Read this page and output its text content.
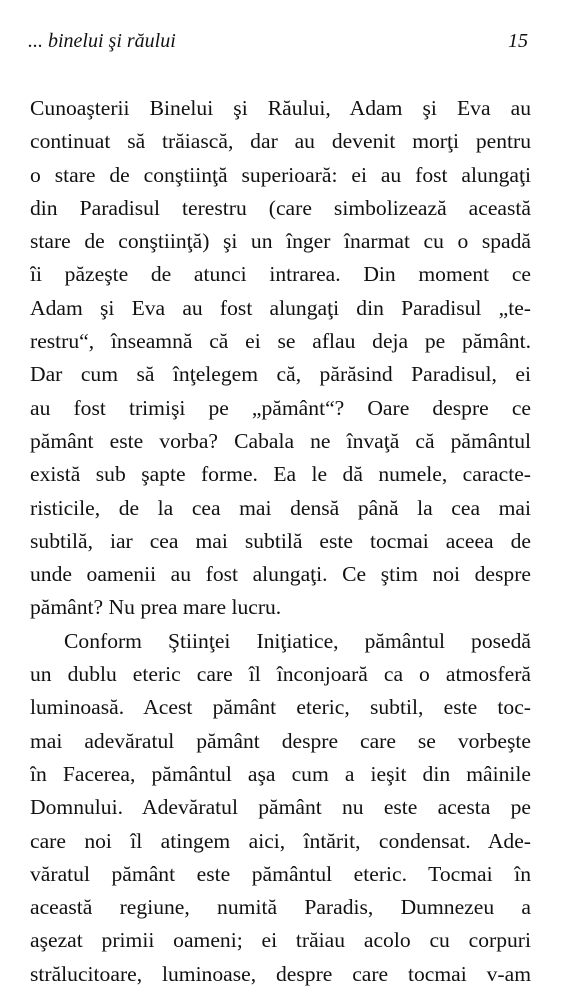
... binelui şi răului	15

Cunoaşterii Binelui şi Răului, Adam şi Eva au
continuat să trăiască, dar au devenit morţi pentru
o stare de conştiinţă superioară: ei au fost alungaţi
din Paradisul terestru (care simbolizează această
stare de conştiinţă) şi un înger înarmat cu o spadă
îi păzeşte de atunci intrarea. Din moment ce
Adam şi Eva au fost alungaţi din Paradisul „te-
restru“, înseamnă că ei se aflau deja pe pământ.
Dar cum să înţelegem că, părăsind Paradisul, ei
au fost trimişi pe „pământ“? Oare despre ce
pământ este vorba? Cabala ne învaţă că pământul
există sub şapte forme. Ea le dă numele, caracte-
risticile, de la cea mai densă până la cea mai
subtilă, iar cea mai subtilă este tocmai aceea de
unde oamenii au fost alungaţi. Ce ştim noi despre
pământ? Nu prea mare lucru.

Conform Ştiinţei Iniţiatice, pământul posedă
un dublu eteric care îl înconjoară ca o atmosferă
luminoasă. Acest pământ eteric, subtil, este toc-
mai adevăratul pământ despre care se vorbeşte
în Facerea, pământul aşa cum a ieşit din mâinile
Domnului. Adevăratul pământ nu este acesta pe
care noi îl atingem aici, întărit, condensat. Ade-
văratul pământ este pământul eteric. Tocmai în
această regiune, numită Paradis, Dumnezeu a
aşezat primii oameni; ei trăiau acolo cu corpuri
strălucitoare, luminoase, despre care tocmai v-am
